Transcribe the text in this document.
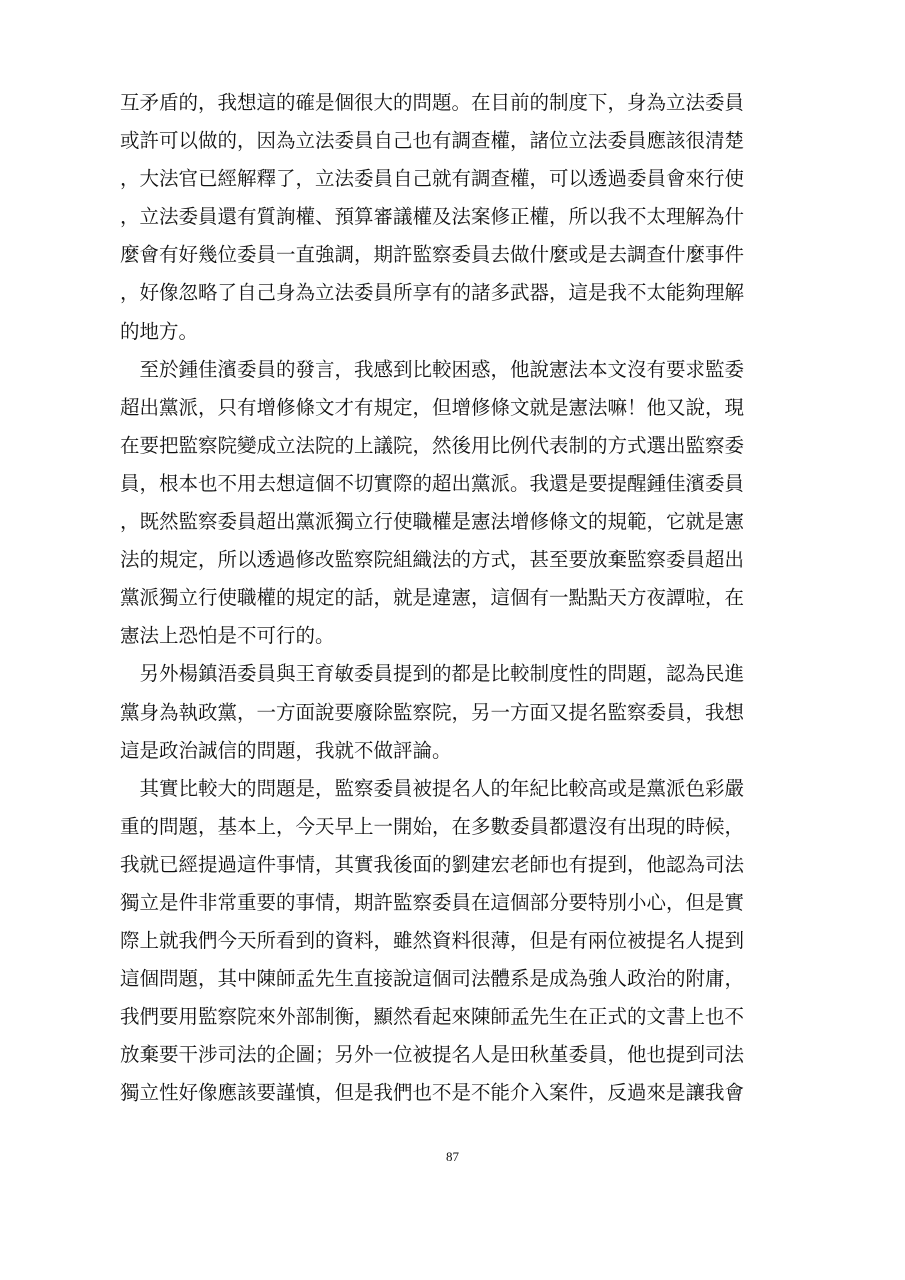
互矛盾的，我想這的確是個很大的問題。在目前的制度下，身為立法委員
或許可以做的，因為立法委員自己也有調查權，諸位立法委員應該很清楚
，大法官已經解釋了，立法委員自己就有調查權，可以透過委員會來行使
，立法委員還有質詢權、預算審議權及法案修正權，所以我不太理解為什
麼會有好幾位委員一直強調，期許監察委員去做什麼或是去調查什麼事件
，好像忽略了自己身為立法委員所享有的諸多武器，這是我不太能夠理解
的地方。
　至於鍾佳濱委員的發言，我感到比較困惑，他說憲法本文沒有要求監委
超出黨派，只有增修條文才有規定，但增修條文就是憲法嘛！他又說，現
在要把監察院變成立法院的上議院，然後用比例代表制的方式選出監察委
員，根本也不用去想這個不切實際的超出黨派。我還是要提醒鍾佳濱委員
，既然監察委員超出黨派獨立行使職權是憲法增修條文的規範，它就是憲
法的規定，所以透過修改監察院組織法的方式，甚至要放棄監察委員超出
黨派獨立行使職權的規定的話，就是違憲，這個有一點點天方夜譚啦，在
憲法上恐怕是不可行的。
　另外楊鎮浯委員與王育敏委員提到的都是比較制度性的問題，認為民進
黨身為執政黨，一方面說要廢除監察院，另一方面又提名監察委員，我想
這是政治誠信的問題，我就不做評論。
　其實比較大的問題是，監察委員被提名人的年紀比較高或是黨派色彩嚴
重的問題，基本上，今天早上一開始，在多數委員都還沒有出現的時候，
我就已經提過這件事情，其實我後面的劉建宏老師也有提到，他認為司法
獨立是件非常重要的事情，期許監察委員在這個部分要特別小心，但是實
際上就我們今天所看到的資料，雖然資料很薄，但是有兩位被提名人提到
這個問題，其中陳師孟先生直接說這個司法體系是成為強人政治的附庸，
我們要用監察院來外部制衡，顯然看起來陳師孟先生在正式的文書上也不
放棄要干涉司法的企圖；另外一位被提名人是田秋堇委員，他也提到司法
獨立性好像應該要謹慎，但是我們也不是不能介入案件，反過來是讓我會
87
